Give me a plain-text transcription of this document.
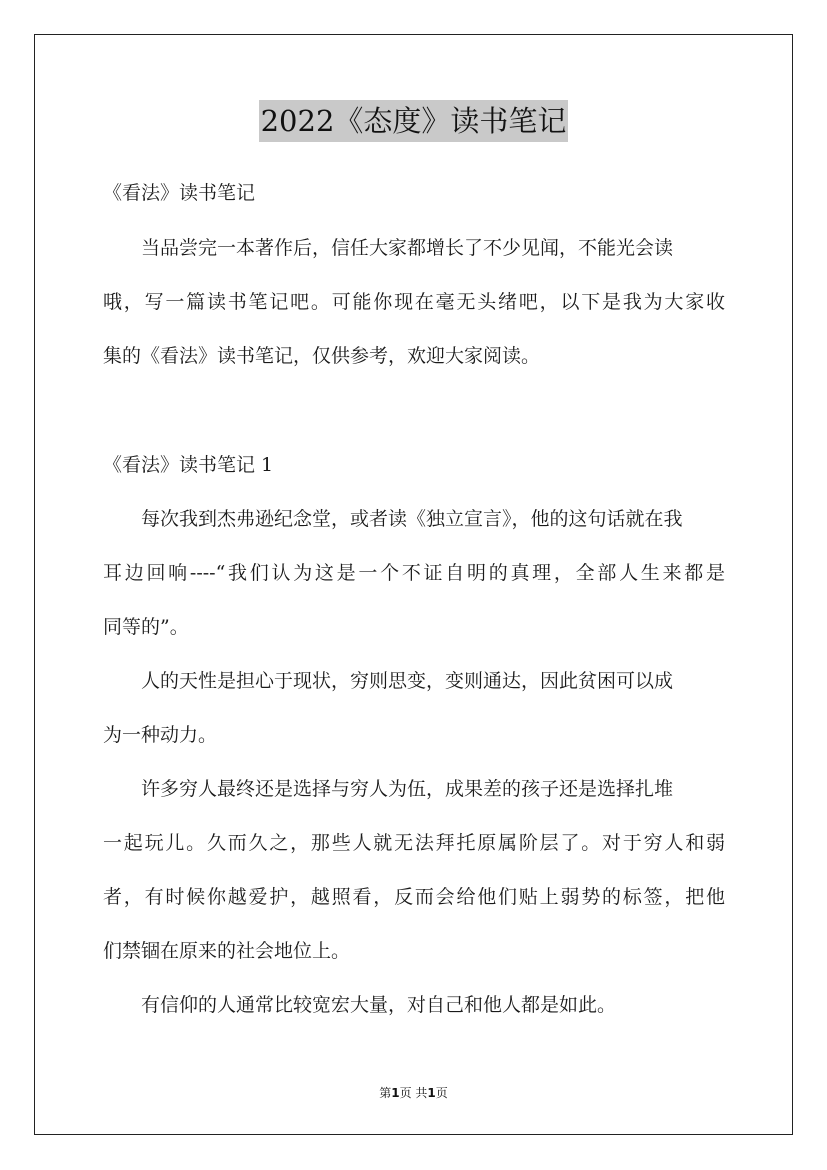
2022《态度》读书笔记
《看法》读书笔记
当品尝完一本著作后，信任大家都增长了不少见闻，不能光会读
哦，写一篇读书笔记吧。可能你现在毫无头绪吧，以下是我为大家收
集的《看法》读书笔记，仅供参考，欢迎大家阅读。
《看法》读书笔记 1
每次我到杰弗逊纪念堂，或者读《独立宣言》，他的这句话就在我
耳边回响----“我们认为这是一个不证自明的真理，全部人生来都是
同等的”。
人的天性是担心于现状，穷则思变，变则通达，因此贫困可以成
为一种动力。
许多穷人最终还是选择与穷人为伍，成果差的孩子还是选择扎堆
一起玩儿。久而久之，那些人就无法拜托原属阶层了。对于穷人和弱
者，有时候你越爱护，越照看，反而会给他们贴上弱势的标签，把他
们禁锢在原来的社会地位上。
有信仰的人通常比较宽宏大量，对自己和他人都是如此。
第1页 共1页
